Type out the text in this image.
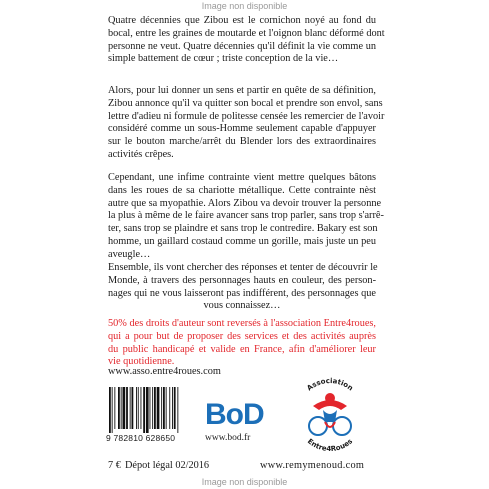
Image non disponible

Quatre décennies que Zibou est le cornichon noyé au fond du
bocal, entre les graines de moutarde et l'oignon blanc déformé dont
personne ne veut. Quatre décennies qu'il définit la vie comme un
simple battement de cœur ; triste conception de la vie…

Alors, pour lui donner un sens et partir en quête de sa définition,
Zibou annonce qu'il va quitter son bocal et prendre son envol, sans
lettre d'adieu ni formule de politesse censée les remercier de l'avoir
considéré comme un sous-Homme seulement capable d'appuyer
sur le bouton marche/arrêt du Blender lors des extraordinaires
activités crêpes.

Cependant, une infime contrainte vient mettre quelques bâtons
dans les roues de sa chariotte métallique. Cette contrainte nèst
autre que sa myopathie. Alors Zibou va devoir trouver la personne
la plus à même de le faire avancer sans trop parler, sans trop s'arrê-
ter, sans trop se plaindre et sans trop le contredire. Bakary est son
homme, un gaillard costaud comme un gorille, mais juste un peu
aveugle…

Ensemble, ils vont chercher des réponses et tenter de découvrir le
Monde, à travers des personnages hauts en couleur, des person-
nages qui ne vous laisseront pas indifférent, des personnages que
vous connaissez…

50% des droits d'auteur sont reversés à l'association Entre4roues,
qui a pour but de proposer des services et des activités auprès
du public handicapé et valide en France, afin d'améliorer leur
vie quotidienne.

www.asso.entre4roues.com
9 782810 628650
BoD
www.bod.fr
Association
Entre4Roues
7 € Dépot légal 02/2016	www.remymenoud.com
Image non disponible
